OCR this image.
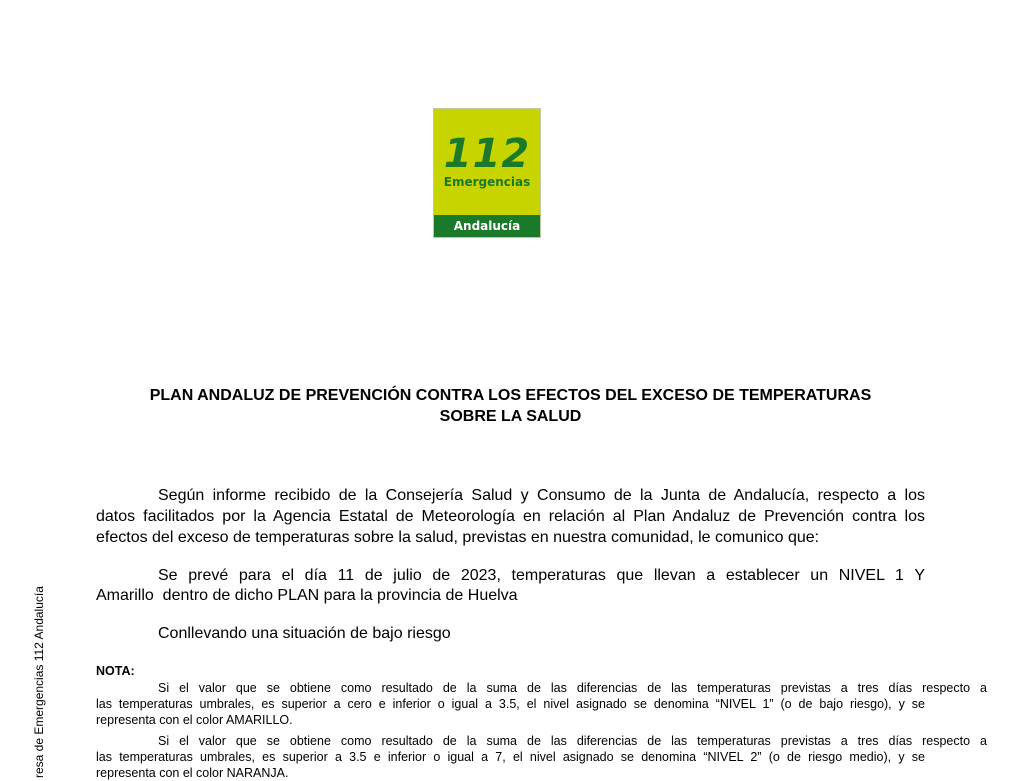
112
Emergencias
Andalucía
PLAN ANDALUZ DE PREVENCIÓN CONTRA LOS EFECTOS DEL EXCESO DE TEMPERATURAS
SOBRE LA SALUD
Según informe recibido de la Consejería Salud y Consumo de la Junta de Andalucía, respecto a los
datos facilitados por la Agencia Estatal de Meteorología en relación al Plan Andaluz de Prevención contra los
efectos del exceso de temperaturas sobre la salud, previstas en nuestra comunidad, le comunico que:
Se prevé para el día 11 de julio de 2023, temperaturas que llevan a establecer un NIVEL 1 Y
Amarillo  dentro de dicho PLAN para la provincia de Huelva
Conllevando una situación de bajo riesgo
NOTA:
Si el valor que se obtiene como resultado de la suma de las diferencias de las temperaturas previstas a tres días respecto a
las temperaturas umbrales, es superior a cero e inferior o igual a 3.5, el nivel asignado se denomina “NIVEL 1” (o de bajo riesgo), y se
representa con el color AMARILLO.
Si el valor que se obtiene como resultado de la suma de las diferencias de las temperaturas previstas a tres días respecto a
las temperaturas umbrales, es superior a 3.5 e inferior o igual a 7, el nivel asignado se denomina “NIVEL 2” (o de riesgo medio), y se
representa con el color NARANJA.
resa de Emergencias 112 Andalucía
